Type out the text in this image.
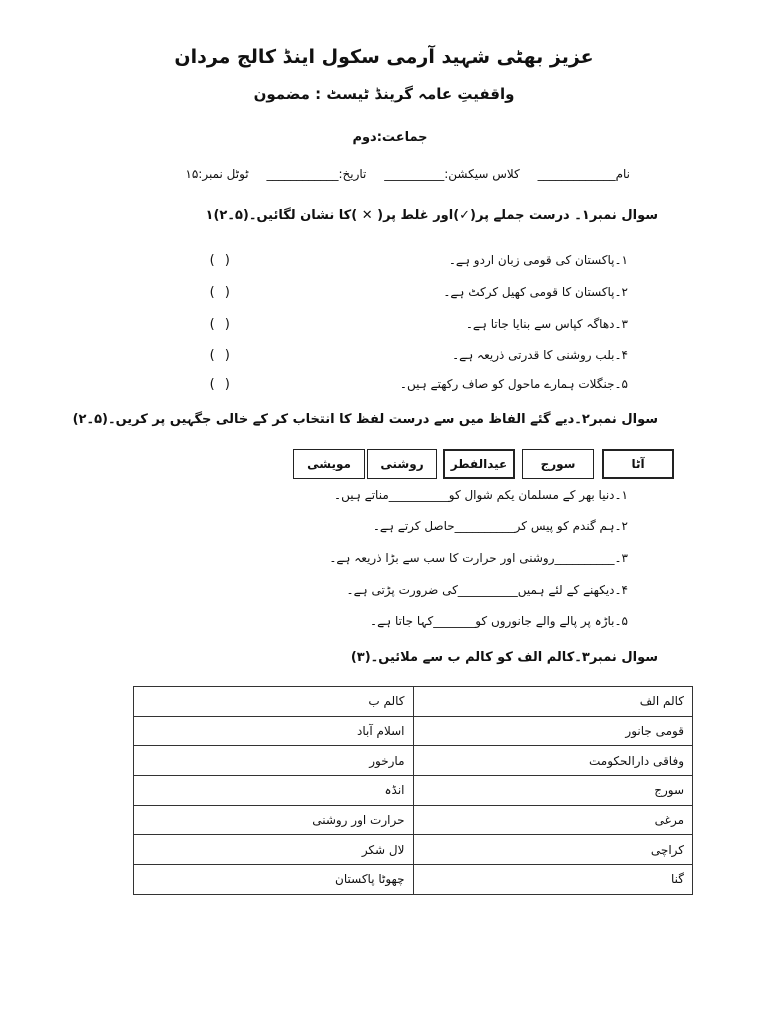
عزیز بھٹی شہید آرمی سکول اینڈ کالج مردان
واقفیتِ عامہ گرینڈ ٹیسٹ : مضمون
جماعت:دوم
نام_____________ کلاس سیکشن:__________ تاریخ:____________ ٹوٹل نمبر:۱۵
سوال نمبر۱۔ درست جملے پر(✓)اور غلط پر( ✕ )کا نشان لگائیں۔(۵۔۲)۱
۱۔پاکستان کی قومی زبان اردو ہے۔
( )
۲۔پاکستان کا قومی کھیل کرکٹ ہے۔
( )
۳۔دھاگہ کپاس سے بنایا جاتا ہے۔
( )
۴۔بلب روشنی کا قدرتی ذریعہ ہے۔
( )
۵۔جنگلات ہمارے ماحول کو صاف رکھتے ہیں۔
( )
سوال نمبر۲۔دیے گئے الفاظ میں سے درست لفظ کا انتخاب کر کے خالی جگہیں پر کریں۔(۵۔۲)
آٹا
سورج
عیدالفطر
روشنی
مویشی
۱۔دنیا بھر کے مسلمان یکم شوال کو__________مناتے ہیں۔
۲۔ہم گندم کو پیس کر__________حاصل کرتے ہے۔
۳۔__________روشنی اور حرارت کا سب سے بڑا ذریعہ ہے۔
۴۔دیکھنے کے لئے ہمیں__________کی ضرورت پڑتی ہے۔
۵۔باڑہ پر پالے والے جانوروں کو_______کہا جاتا ہے۔
سوال نمبر۳۔کالم الف کو کالم ب سے ملائیں۔(۳)
کالم الف	کالم ب
قومی جانور	اسلام آباد
وفاقی دارالحکومت	مارخور
سورج	انڈہ
مرغی	حرارت اور روشنی
کراچی	لال شکر
گنا	چھوٹا پاکستان
